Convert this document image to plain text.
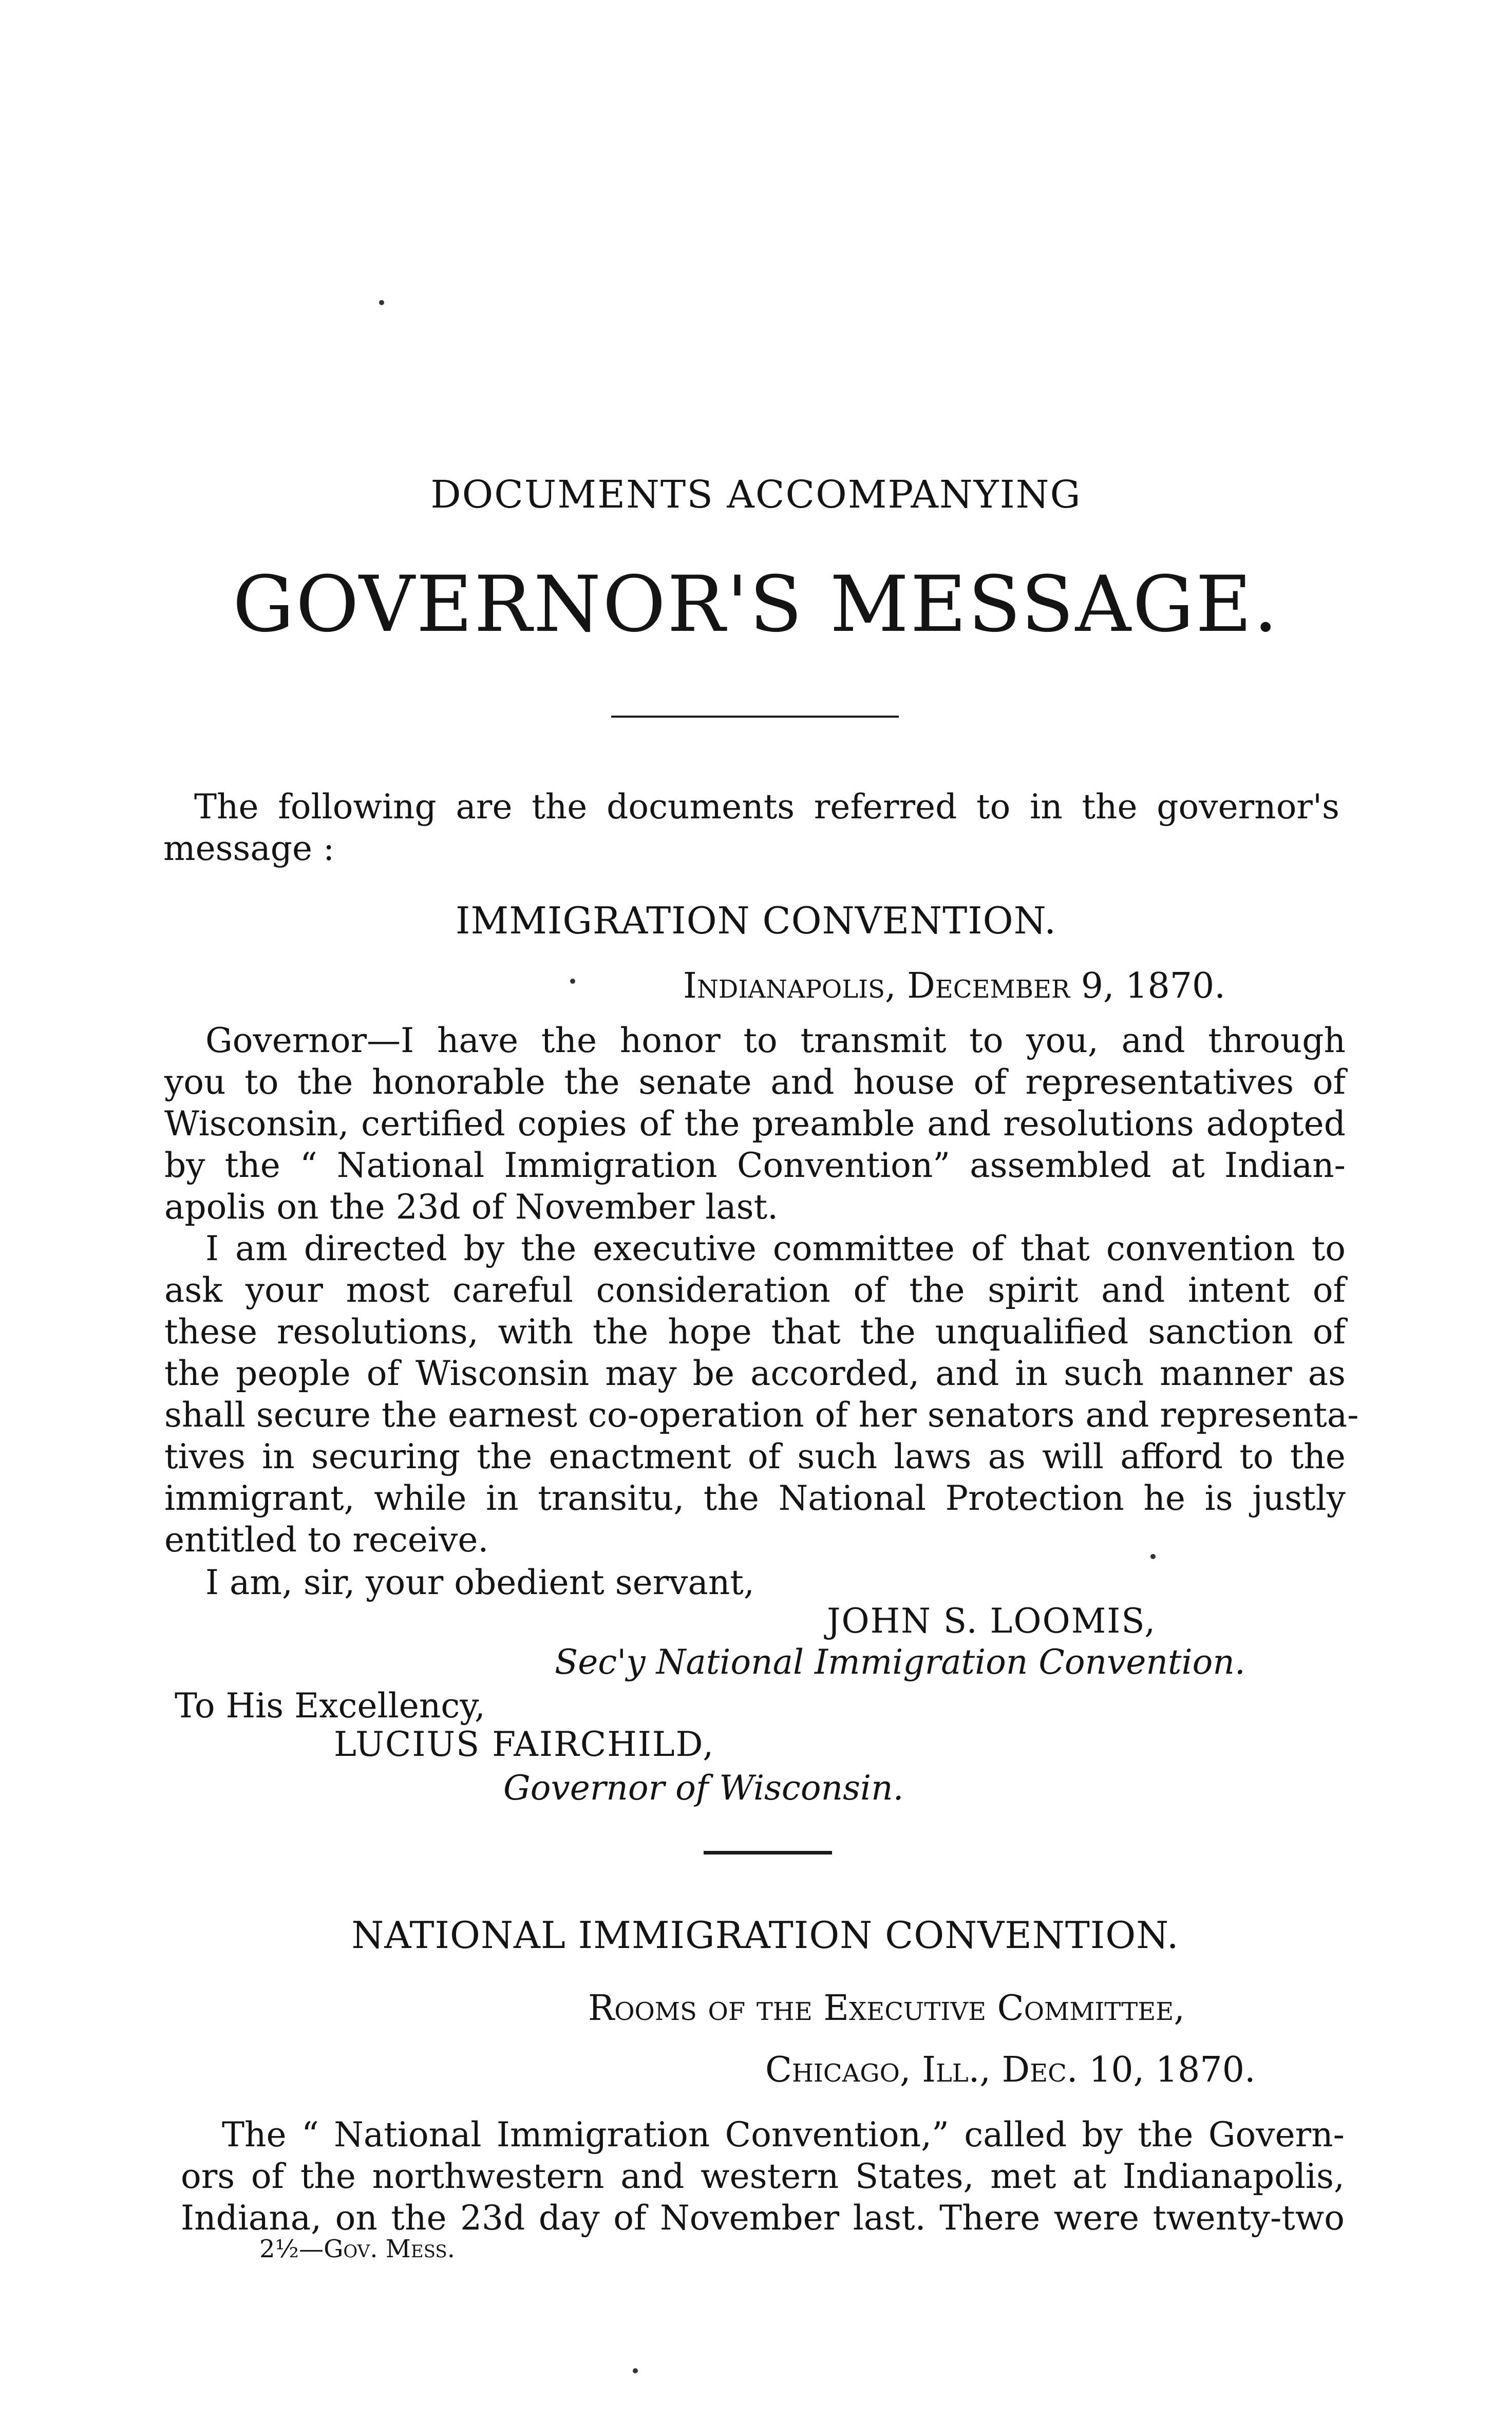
DOCUMENTS ACCOMPANYING
GOVERNOR'S MESSAGE.
The following are the documents referred to in the governor's
message :
IMMIGRATION CONVENTION.
Indianapolis, December 9, 1870.
Governor—I have the honor to transmit to you, and through
you to the honorable the senate and house of representatives of
Wisconsin, certified copies of the preamble and resolutions adopted
by the “ National Immigration Convention” assembled at Indian-
apolis on the 23d of November last.
I am directed by the executive committee of that convention to
ask your most careful consideration of the spirit and intent of
these resolutions, with the hope that the unqualified sanction of
the people of Wisconsin may be accorded, and in such manner as
shall secure the earnest co-operation of her senators and representa-
tives in securing the enactment of such laws as will afford to the
immigrant, while in transitu, the National Protection he is justly
entitled to receive.
I am, sir, your obedient servant,
JOHN S. LOOMIS,
Sec'y National Immigration Convention.
To His Excellency,
LUCIUS FAIRCHILD,
Governor of Wisconsin.
NATIONAL IMMIGRATION CONVENTION.
Rooms of the Executive Committee,
Chicago, Ill., Dec. 10, 1870.
The “ National Immigration Convention,” called by the Govern-
ors of the northwestern and western States, met at Indianapolis,
Indiana, on the 23d day of November last. There were twenty-two
2½—Gov. Mess.
